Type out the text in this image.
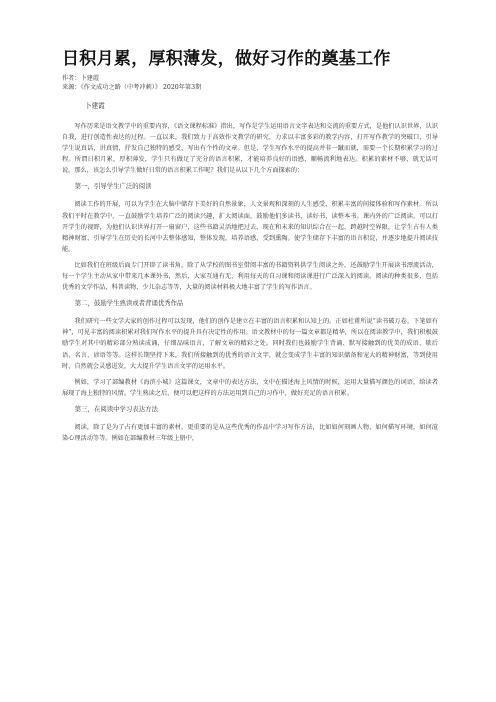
日积月累，厚积薄发，做好习作的奠基工作
作者：卜建霞
来源：《作文成功之路（中考冲刺）》 2020年第3期
卜建霞

写作历来是语文教学中的重要内容，《语文课程标准》指出，写作是学生运用语言文字表达和交流的重要方式，是他们认识世界，认识自我，进行创造性表达的过程。一直以来，我们致力于高效作文教学的研究，力求以丰富多彩的教学内容，打开写作教学的突破口，引导学生说真话，讲真情，抒发自己独特的感受，写出有个性的文章。但是，学生写作水平的提高并非一蹴而就，需要一个长期积累学习的过程。所谓日积月累，厚积薄发，学生只有做足了充分的语言积累，才能培养良好的语感，顺畅流利地表达。积累的素材不够，就无话可说。那么，该怎么引导学生做好日常的语言积累工作呢？我们是从以下几个方面探索的：

第一，引导学生广泛的阅读

阅读工作的开展，可以为学生在大脑中储存下美好的自然景象，人文景观和深刻的人生感受，积累丰富的间接体验和写作素材。所以我们平时在教学中，一直鼓励学生培养广泛的阅读兴趣，扩大阅读面，鼓励他们多读书，读好书，读整本书。课内外的广泛阅读，可以打开学生的视野，为他们认识世界打开一扇窗户，这些书籍灵活地把过去、现在和未来的知识综合在一起，跨越时空界限，让学生占有人类精神财富，引导学生在历史的长河中去整体感知，整体发现，培养语感，受到熏陶。使学生储存下丰富的语言积淀，并逐步地提升阅读技能。

比如我们在班级后面专门开辟了读书角，除了从学校的图书室借阅丰富的书籍资料供学生阅读之外，还鼓励学生开展读书漂流活动，每一个学生主动从家中带来几本课外书，然后，大家互通有无，利用每天的自习课和阅读课进行广泛深入的阅读。阅读的种类很多，包括优秀的文学作品，科普读物，少儿杂志等等，大量的阅读材料极大地丰富了学生的写作语言。

第二，鼓励学生熟读或者背诵优秀作品

我们研究一些文学大家的创作过程可以发现，他们的创作是建立在丰富的语言积累和认知上的。正如杜甫所说“读书破万卷，下笔如有神”，可见丰富的阅读积累对我们写作水平的提升具有决定性的作用。语文教材中的每一篇文章都是精华，所以在阅读教学中，我们积极鼓励学生对其中的精彩部分熟读成诵，仔细品味语言，了解文章的精彩之处。同时我们也鼓励学生背诵、默写接触到的优美的成语、歇后语、名言、谚语等等。这样长期坚持下来，我们所接触到的优秀的语言文字，就会变成学生丰富的知识储备和宠大的精神财富，等到使用时，自然就会灵感迸发，大大提升学生语言文字的运用水平。

例如，学习了部编教材《海滨小城》这篇课文，文章中的表达方法，文中在描述海上风情的时候，运用大量描写颜色的词语，给读者展现了海上独特的风情。学生熟读之后，便可以把这样的方法运用到自己的习作中，做好充足的语言积累。

第三，在阅读中学习表达方法

阅读，除了是为了占有更加丰富的素材，更重要的是从这些优秀的作品中学习写作方法，比如如何刻画人物，如何描写环境，如何渲染心理活动等等。例如在部编教材三年级上册中，
